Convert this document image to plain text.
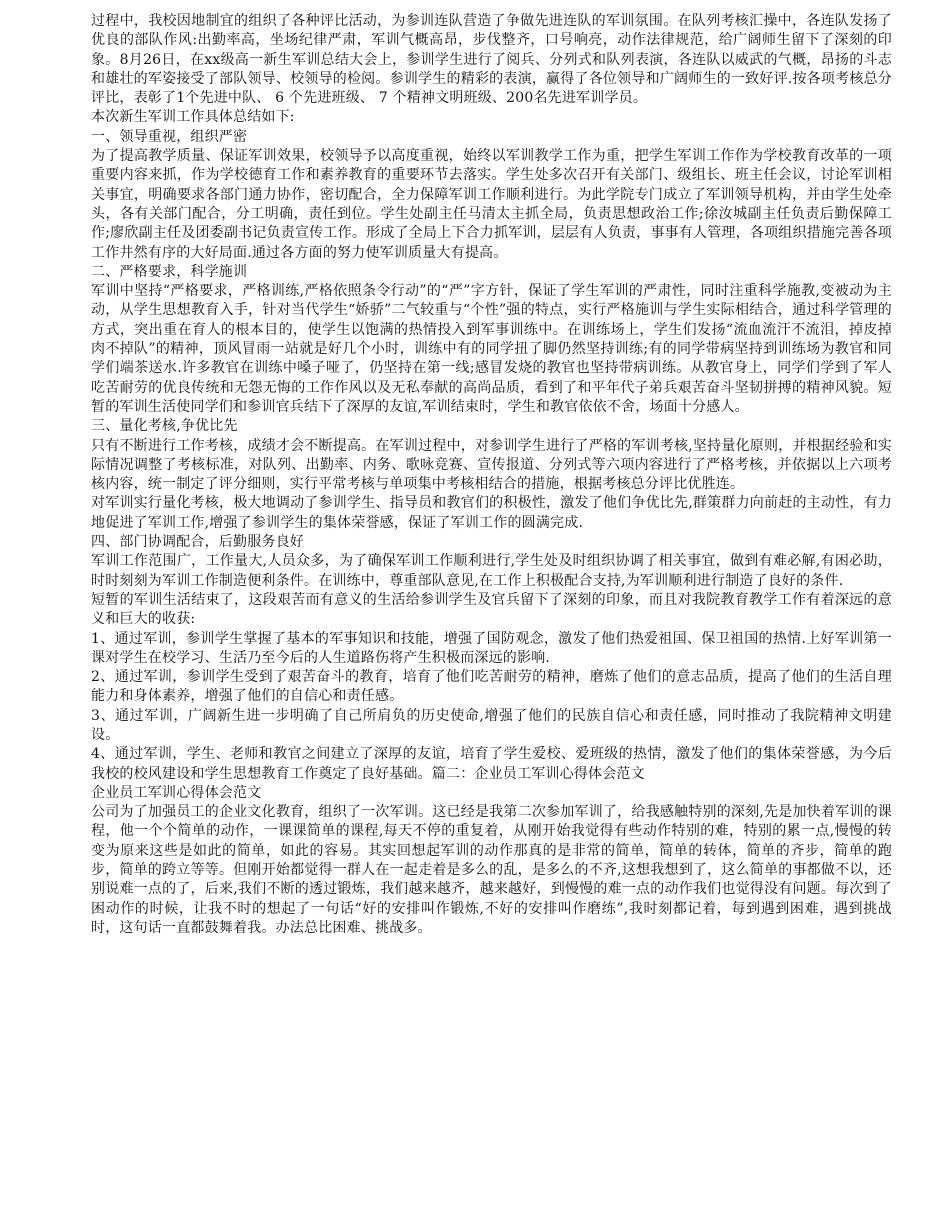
过程中，我校因地制宜的组织了各种评比活动，为参训连队营造了争做先进连队的军训氛围。在队列考核汇操中，各连队发扬了优良的部队作风:出勤率高，坐场纪律严肃，军训气概高昂，步伐整齐，口号响亮，动作法律规范，给广阔师生留下了深刻的印象。8月26日，在xx级高一新生军训总结大会上，参训学生进行了阅兵、分列式和队列表演，各连队以威武的气概，昂扬的斗志和雄壮的军姿接受了部队领导、校领导的检阅。参训学生的精彩的表演，赢得了各位领导和广阔师生的一致好评.按各项考核总分评比，表彰了1个先进中队、 6 个先进班级、 7 个精神文明班级、200名先进军训学员。

本次新生军训工作具体总结如下:

一、领导重视，组织严密

为了提高教学质量、保证军训效果，校领导予以高度重视，始终以军训教学工作为重，把学生军训工作作为学校教育改革的一项重要内容来抓，作为学校德育工作和素养教育的重要环节去落实。学生处多次召开有关部门、级组长、班主任会议，讨论军训相关事宜，明确要求各部门通力协作，密切配合，全力保障军训工作顺利进行。为此学院专门成立了军训领导机构，并由学生处牵头，各有关部门配合，分工明确，责任到位。学生处副主任马清太主抓全局，负责思想政治工作;徐汝城副主任负责后勤保障工作;廖欣副主任及团委副书记负责宣传工作。形成了全局上下合力抓军训，层层有人负责，事事有人管理，各项组织措施完善各项工作井然有序的大好局面.通过各方面的努力使军训质量大有提高。

二、严格要求，科学施训

军训中坚持“严格要求，严格训练,严格依照条令行动”的“严”字方针，保证了学生军训的严肃性，同时注重科学施教,变被动为主动，从学生思想教育入手，针对当代学生“娇骄”二气较重与“个性”强的特点，实行严格施训与学生实际相结合，通过科学管理的方式，突出重在育人的根本目的，使学生以饱满的热情投入到军事训练中。在训练场上，学生们发扬“流血流汗不流泪，掉皮掉肉不掉队”的精神，顶风冒雨一站就是好几个小时，训练中有的同学扭了脚仍然坚持训练;有的同学带病坚持到训练场为教官和同学们端茶送水.许多教官在训练中嗓子哑了，仍坚持在第一线;感冒发烧的教官也坚持带病训练。从教官身上，同学们学到了军人吃苦耐劳的优良传统和无怨无悔的工作作风以及无私奉献的高尚品质，看到了和平年代子弟兵艰苦奋斗坚韧拼搏的精神风貌。短暂的军训生活使同学们和参训官兵结下了深厚的友谊,军训结束时，学生和教官依依不舍，场面十分感人。

三、量化考核,争优比先

只有不断进行工作考核，成绩才会不断提高。在军训过程中，对参训学生进行了严格的军训考核,坚持量化原则，并根据经验和实际情况调整了考核标准，对队列、出勤率、内务、歌咏竞赛、宣传报道、分列式等六项内容进行了严格考核，并依据以上六项考核内容，统一制定了评分细则，实行平常考核与单项集中考核相结合的措施，根据考核总分评比优胜连。

对军训实行量化考核，极大地调动了参训学生、指导员和教官们的积极性，激发了他们争优比先,群策群力向前赶的主动性，有力地促进了军训工作,增强了参训学生的集体荣誉感，保证了军训工作的圆满完成.

四、部门协调配合，后勤服务良好

军训工作范围广，工作量大,人员众多，为了确保军训工作顺利进行,学生处及时组织协调了相关事宜，做到有难必解,有困必助，时时刻刻为军训工作制造便利条件。在训练中，尊重部队意见,在工作上积极配合支持,为军训顺利进行制造了良好的条件.

短暂的军训生活结束了，这段艰苦而有意义的生活给参训学生及官兵留下了深刻的印象，而且对我院教育教学工作有着深远的意义和巨大的收获:

1、通过军训，参训学生掌握了基本的军事知识和技能，增强了国防观念，激发了他们热爱祖国、保卫祖国的热情.上好军训第一课对学生在校学习、生活乃至今后的人生道路伤将产生积极而深远的影响.

2、通过军训，参训学生受到了艰苦奋斗的教育，培育了他们吃苦耐劳的精神，磨炼了他们的意志品质，提高了他们的生活自理能力和身体素养，增强了他们的自信心和责任感。

3、通过军训，广阔新生进一步明确了自己所肩负的历史使命,增强了他们的民族自信心和责任感，同时推动了我院精神文明建设。

4、通过军训，学生、老师和教官之间建立了深厚的友谊，培育了学生爱校、爱班级的热情，激发了他们的集体荣誉感，为今后我校的校风建设和学生思想教育工作奠定了良好基础。篇二：企业员工军训心得体会范文

企业员工军训心得体会范文

公司为了加强员工的企业文化教育，组织了一次军训。这已经是我第二次参加军训了，给我感触特别的深刻,先是加快着军训的课程，他一个个简单的动作，一课课简单的课程,每天不停的重复着，从刚开始我觉得有些动作特别的难，特别的累一点,慢慢的转变为原来这些是如此的简单，如此的容易。其实回想起军训的动作那真的是非常的简单，简单的转体，简单的齐步，简单的跑步，简单的跨立等等。但刚开始都觉得一群人在一起走着是多么的乱，是多么的不齐,这想我想到了，这么简单的事都做不以，还别说难一点的了，后来,我们不断的透过锻炼，我们越来越齐，越来越好，到慢慢的难一点的动作我们也觉得没有问题。每次到了困动作的时候，让我不时的想起了一句话“好的安排叫作锻炼,不好的安排叫作磨练”,我时刻都记着，每到遇到困难，遇到挑战时，这句话一直都鼓舞着我。办法总比困难、挑战多。
